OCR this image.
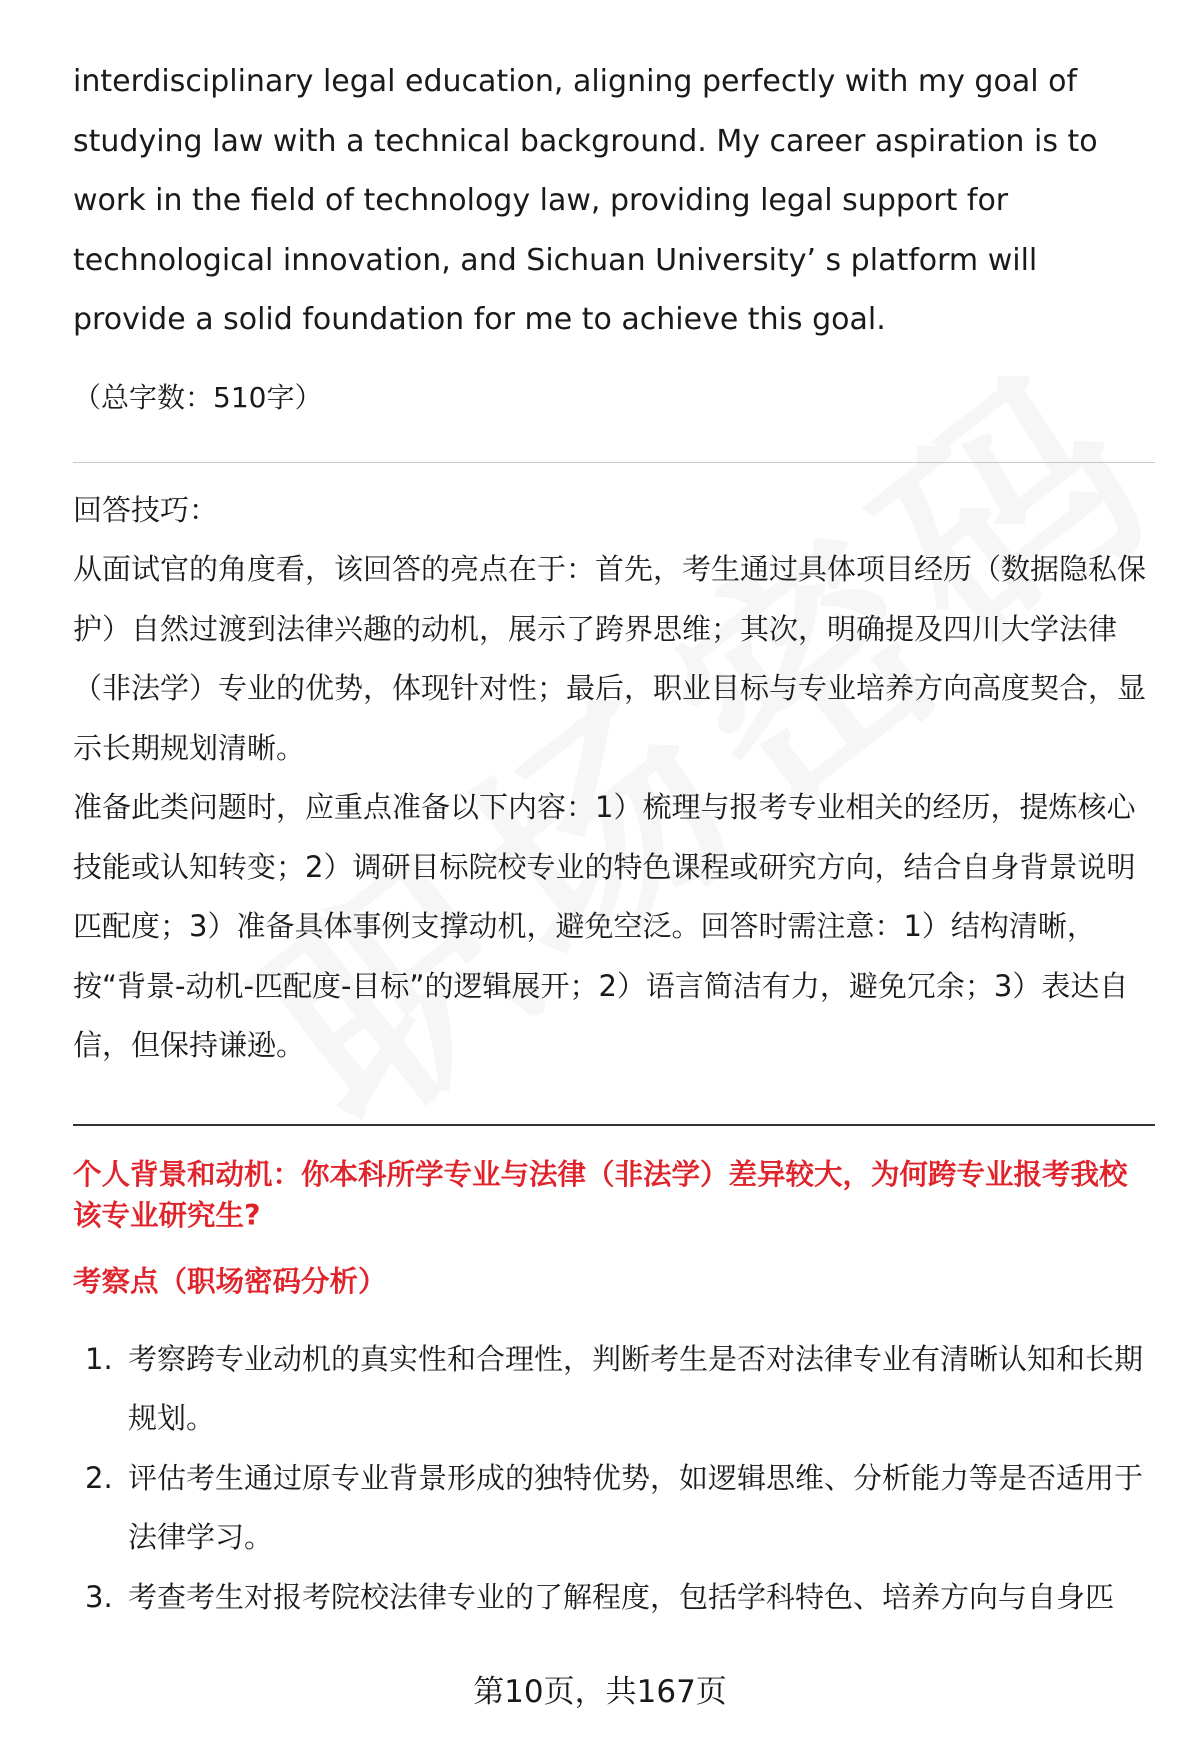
interdisciplinary legal education, aligning perfectly with my goal of studying law with a technical background. My career aspiration is to work in the field of technology law, providing legal support for technological innovation, and Sichuan University’ s platform will provide a solid foundation for me to achieve this goal.

（总字数：510字）

回答技巧：

从面试官的角度看，该回答的亮点在于：首先，考生通过具体项目经历（数据隐私保护）自然过渡到法律兴趣的动机，展示了跨界思维；其次，明确提及四川大学法律（非法学）专业的优势，体现针对性；最后，职业目标与专业培养方向高度契合，显示长期规划清晰。

准备此类问题时，应重点准备以下内容：1）梳理与报考专业相关的经历，提炼核心技能或认知转变；2）调研目标院校专业的特色课程或研究方向，结合自身背景说明匹配度；3）准备具体事例支撑动机，避免空泛。回答时需注意：1）结构清晰，按“背景-动机-匹配度-目标”的逻辑展开；2）语言简洁有力，避免冗余；3）表达自信，但保持谦逊。

个人背景和动机：你本科所学专业与法律（非法学）差异较大，为何跨专业报考我校该专业研究生?

考察点（职场密码分析）

1. 考察跨专业动机的真实性和合理性，判断考生是否对法律专业有清晰认知和长期规划。
2. 评估考生通过原专业背景形成的独特优势，如逻辑思维、分析能力等是否适用于法律学习。
3. 考查考生对报考院校法律专业的了解程度，包括学科特色、培养方向与自身匹
第10页，共167页
